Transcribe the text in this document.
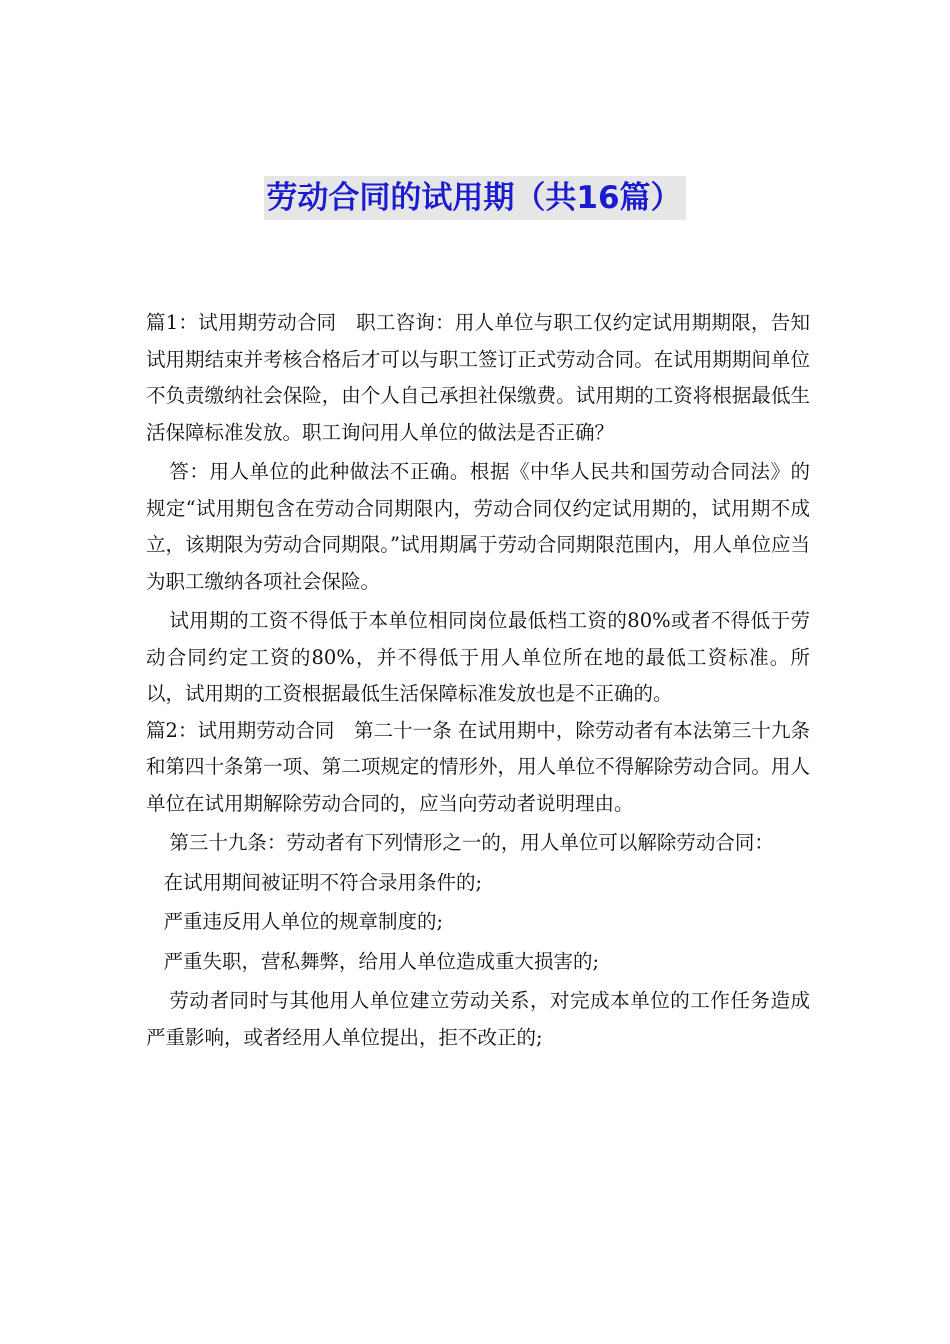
劳动合同的试用期（共16篇）

篇1：试用期劳动合同　职工咨询：用人单位与职工仅约定试用期期限，告知试用期结束并考核合格后才可以与职工签订正式劳动合同。在试用期期间单位不负责缴纳社会保险，由个人自己承担社保缴费。试用期的工资将根据最低生活保障标准发放。职工询问用人单位的做法是否正确？

答：用人单位的此种做法不正确。根据《中华人民共和国劳动合同法》的规定“试用期包含在劳动合同期限内，劳动合同仅约定试用期的，试用期不成立，该期限为劳动合同期限。”试用期属于劳动合同期限范围内，用人单位应当为职工缴纳各项社会保险。

试用期的工资不得低于本单位相同岗位最低档工资的80%或者不得低于劳动合同约定工资的80%，并不得低于用人单位所在地的最低工资标准。所以，试用期的工资根据最低生活保障标准发放也是不正确的。

篇2：试用期劳动合同　第二十一条 在试用期中，除劳动者有本法第三十九条和第四十条第一项、第二项规定的情形外，用人单位不得解除劳动合同。用人单位在试用期解除劳动合同的，应当向劳动者说明理由。

第三十九条：劳动者有下列情形之一的，用人单位可以解除劳动合同：

在试用期间被证明不符合录用条件的;

严重违反用人单位的规章制度的;

严重失职，营私舞弊，给用人单位造成重大损害的;

劳动者同时与其他用人单位建立劳动关系，对完成本单位的工作任务造成严重影响，或者经用人单位提出，拒不改正的;
